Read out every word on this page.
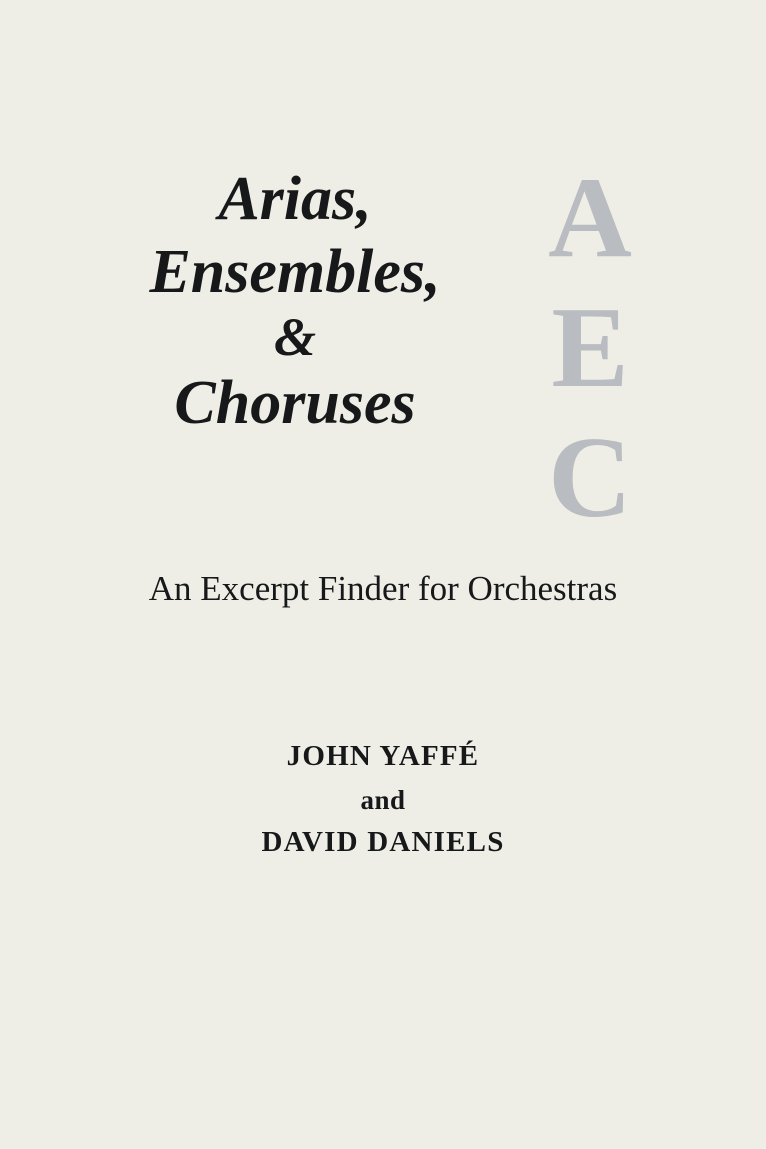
A
E
C
Arias,
Ensembles,
&
Choruses
An Excerpt Finder for Orchestras
JOHN YAFFÉ
and
DAVID DANIELS
